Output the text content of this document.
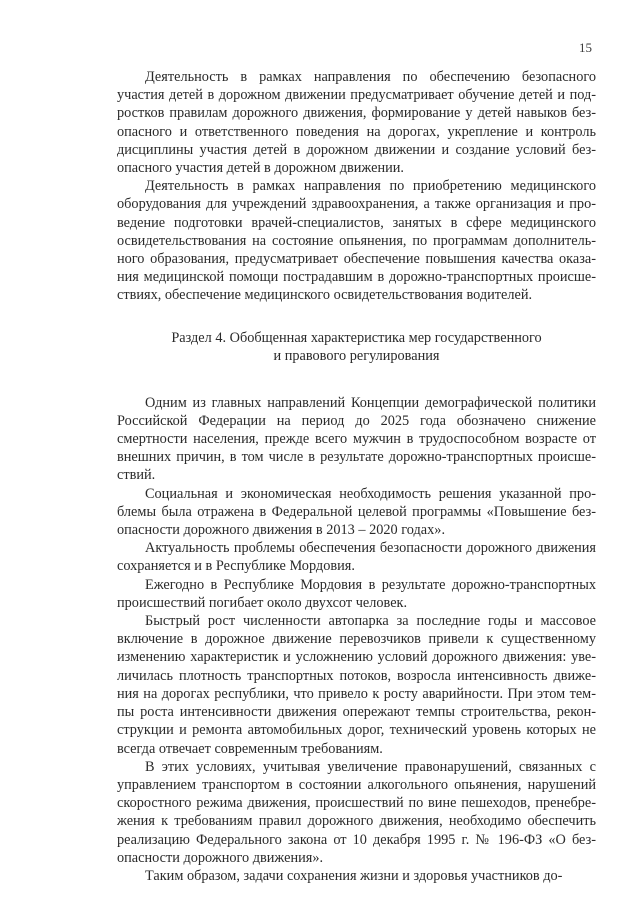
15

Деятельность в рамках направления по обеспечению безопасного участия детей в дорожном движении предусматривает обучение детей и подростков правилам дорожного движения, формирование у детей навыков безопасного и ответственного поведения на дорогах, укрепление и контроль дисциплины участия детей в дорожном движении и создание условий безопасного участия детей в дорожном движении.

Деятельность в рамках направления по приобретению медицинского оборудования для учреждений здравоохранения, а также организация и проведение подготовки врачей-специалистов, занятых в сфере медицинского освидетельствования на состояние опьянения, по программам дополнительного образования, предусматривает обеспечение повышения качества оказания медицинской помощи пострадавшим в дорожно-транспортных происшествиях, обеспечение медицинского освидетельствования водителей.

Раздел 4. Обобщенная характеристика мер государственного
и правового регулирования

Одним из главных направлений Концепции демографической политики Российской Федерации на период до 2025 года обозначено снижение смертности населения, прежде всего мужчин в трудоспособном возрасте от внешних причин, в том числе в результате дорожно-транспортных происшествий.

Социальная и экономическая необходимость решения указанной проблемы была отражена в Федеральной целевой программы «Повышение безопасности дорожного движения в 2013 – 2020 годах».

Актуальность проблемы обеспечения безопасности дорожного движения сохраняется и в Республике Мордовия.

Ежегодно в Республике Мордовия в результате дорожно-транспортных происшествий погибает около двухсот человек.

Быстрый рост численности автопарка за последние годы и массовое включение в дорожное движение перевозчиков привели к существенному изменению характеристик и усложнению условий дорожного движения: увеличилась плотность транспортных потоков, возросла интенсивность движения на дорогах республики, что привело к росту аварийности. При этом темпы роста интенсивности движения опережают темпы строительства, реконструкции и ремонта автомобильных дорог, технический уровень которых не всегда отвечает современным требованиям.

В этих условиях, учитывая увеличение правонарушений, связанных с управлением транспортом в состоянии алкогольного опьянения, нарушений скоростного режима движения, происшествий по вине пешеходов, пренебрежения к требованиям правил дорожного движения, необходимо обеспечить реализацию Федерального закона от 10 декабря 1995 г. № 196-ФЗ «О безопасности дорожного движения».

Таким образом, задачи сохранения жизни и здоровья участников до-
